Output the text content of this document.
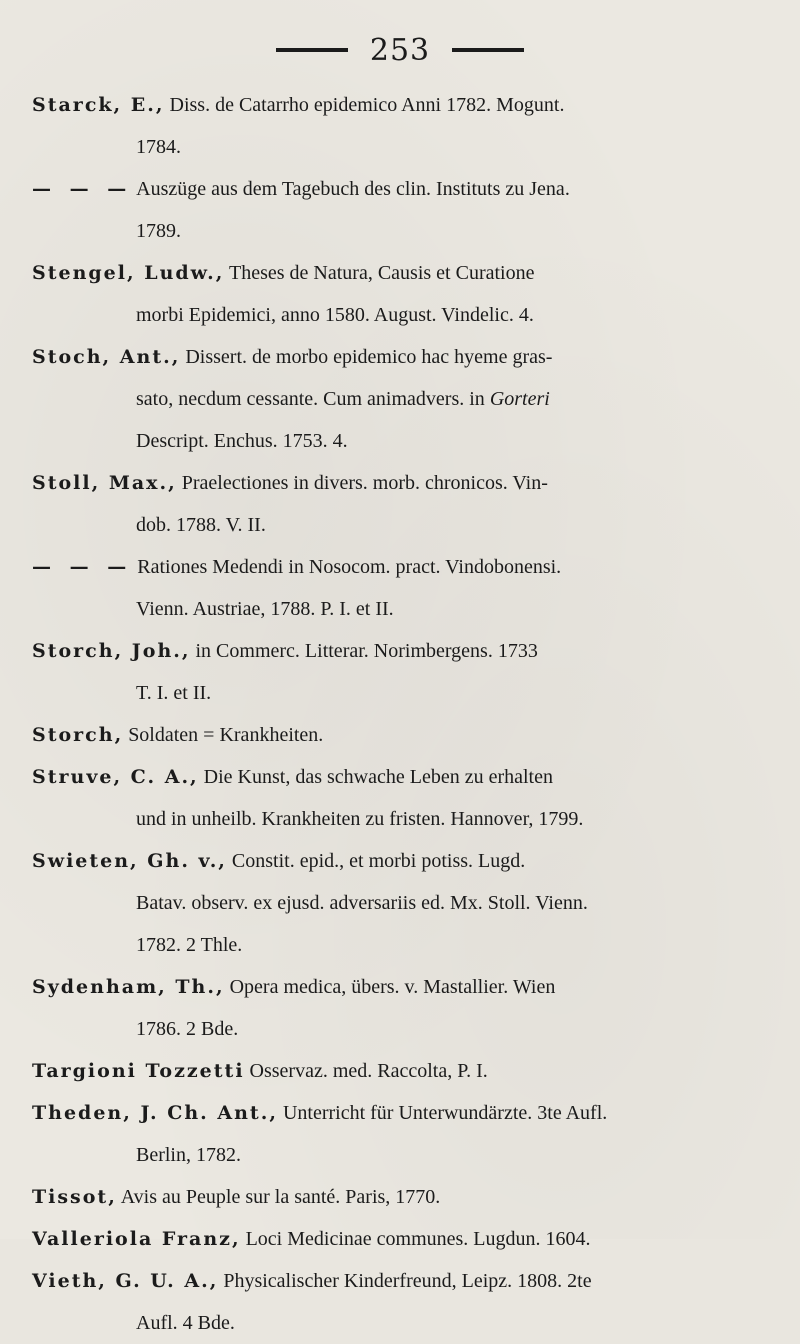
253
Starck, E., Diss. de Catarrho epidemico Anni 1782. Mogunt.
1784.
— — — Auszüge aus dem Tagebuch des clin. Instituts zu Jena.
1789.
Stengel, Ludw., Theses de Natura, Causis et Curatione
morbi Epidemici, anno 1580. August. Vindelic. 4.
Stoch, Ant., Dissert. de morbo epidemico hac hyeme gras-
sato, necdum cessante. Cum animadvers. in Gorteri
Descript. Enchus. 1753. 4.
Stoll, Max., Praelectiones in divers. morb. chronicos. Vin-
dob. 1788. V. II.
— — — Rationes Medendi in Nosocom. pract. Vindobonensi.
Vienn. Austriae, 1788. P. I. et II.
Storch, Joh., in Commerc. Litterar. Norimbergens. 1733
T. I. et II.
Storch, Soldaten = Krankheiten.
Struve, C. A., Die Kunst, das schwache Leben zu erhalten
und in unheilb. Krankheiten zu fristen. Hannover, 1799.
Swieten, Gh. v., Constit. epid., et morbi potiss. Lugd.
Batav. observ. ex ejusd. adversariis ed. Mx. Stoll. Vienn.
1782. 2 Thle.
Sydenham, Th., Opera medica, übers. v. Mastallier. Wien
1786. 2 Bde.
Targioni Tozzetti Osservaz. med. Raccolta, P. I.
Theden, J. Ch. Ant., Unterricht für Unterwundärzte. 3te Aufl.
Berlin, 1782.
Tissot, Avis au Peuple sur la santé. Paris, 1770.
Valleriola Franz, Loci Medicinae communes. Lugdun. 1604.
Vieth, G. U. A., Physicalischer Kinderfreund, Leipz. 1808. 2te
Aufl. 4 Bde.
